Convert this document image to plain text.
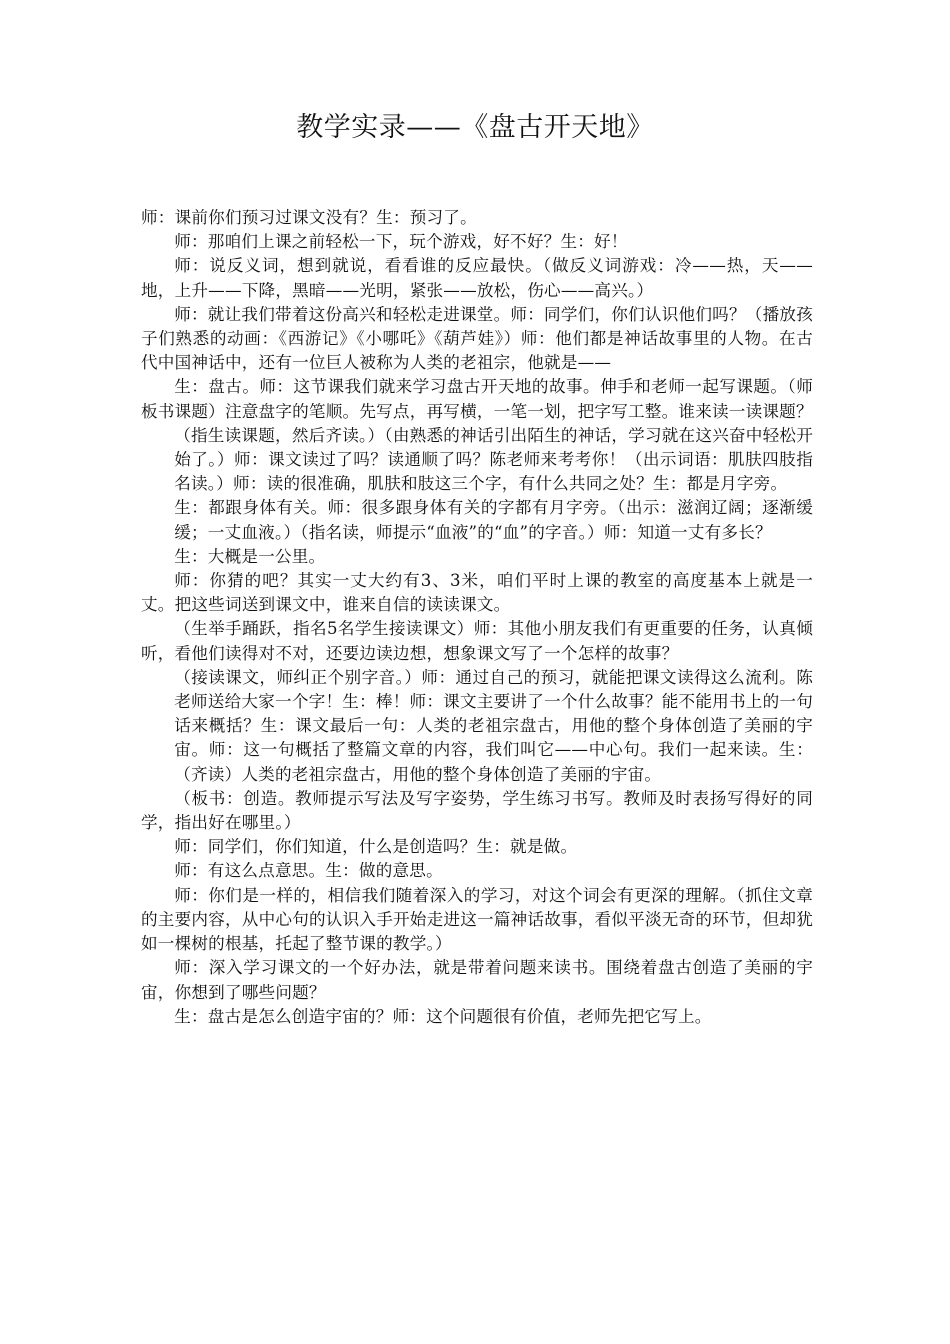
教学实录——《盘古开天地》

师：课前你们预习过课文没有？生：预习了。

师：那咱们上课之前轻松一下，玩个游戏，好不好？生：好！

师：说反义词，想到就说，看看谁的反应最快。（做反义词游戏：冷——热，天——地，上升——下降，黑暗——光明，紧张——放松，伤心——高兴。）

师：就让我们带着这份高兴和轻松走进课堂。师：同学们，你们认识他们吗？（播放孩子们熟悉的动画：《西游记》《小哪吒》《葫芦娃》）师：他们都是神话故事里的人物。在古代中国神话中，还有一位巨人被称为人类的老祖宗，他就是——

生：盘古。师：这节课我们就来学习盘古开天地的故事。伸手和老师一起写课题。（师板书课题）注意盘字的笔顺。先写点，再写横，一笔一划，把字写工整。谁来读一读课题？

（指生读课题，然后齐读。）（由熟悉的神话引出陌生的神话，学习就在这兴奋中轻松开始了。）师：课文读过了吗？读通顺了吗？陈老师来考考你！（出示词语：肌肤四肢指名读。）师：读的很准确，肌肤和肢这三个字，有什么共同之处？生：都是月字旁。

生：都跟身体有关。师：很多跟身体有关的字都有月字旁。（出示：滋润辽阔；逐渐缓缓；一丈血液。）（指名读，师提示“血液”的“血”的字音。）师：知道一丈有多长？

生：大概是一公里。

师：你猜的吧？其实一丈大约有3、3米，咱们平时上课的教室的高度基本上就是一丈。把这些词送到课文中，谁来自信的读读课文。

（生举手踊跃，指名5名学生接读课文）师：其他小朋友我们有更重要的任务，认真倾听，看他们读得对不对，还要边读边想，想象课文写了一个怎样的故事？

（接读课文，师纠正个别字音。）师：通过自己的预习，就能把课文读得这么流利。陈老师送给大家一个字！生：棒！师：课文主要讲了一个什么故事？能不能用书上的一句话来概括？生：课文最后一句：人类的老祖宗盘古，用他的整个身体创造了美丽的宇宙。师：这一句概括了整篇文章的内容，我们叫它——中心句。我们一起来读。生：（齐读）人类的老祖宗盘古，用他的整个身体创造了美丽的宇宙。

（板书：创造。教师提示写法及写字姿势，学生练习书写。教师及时表扬写得好的同学，指出好在哪里。）

师：同学们，你们知道，什么是创造吗？生：就是做。

师：有这么点意思。生：做的意思。

师：你们是一样的，相信我们随着深入的学习，对这个词会有更深的理解。（抓住文章的主要内容，从中心句的认识入手开始走进这一篇神话故事，看似平淡无奇的环节，但却犹如一棵树的根基，托起了整节课的教学。）

师：深入学习课文的一个好办法，就是带着问题来读书。围绕着盘古创造了美丽的宇宙，你想到了哪些问题？

生：盘古是怎么创造宇宙的？师：这个问题很有价值，老师先把它写上。
